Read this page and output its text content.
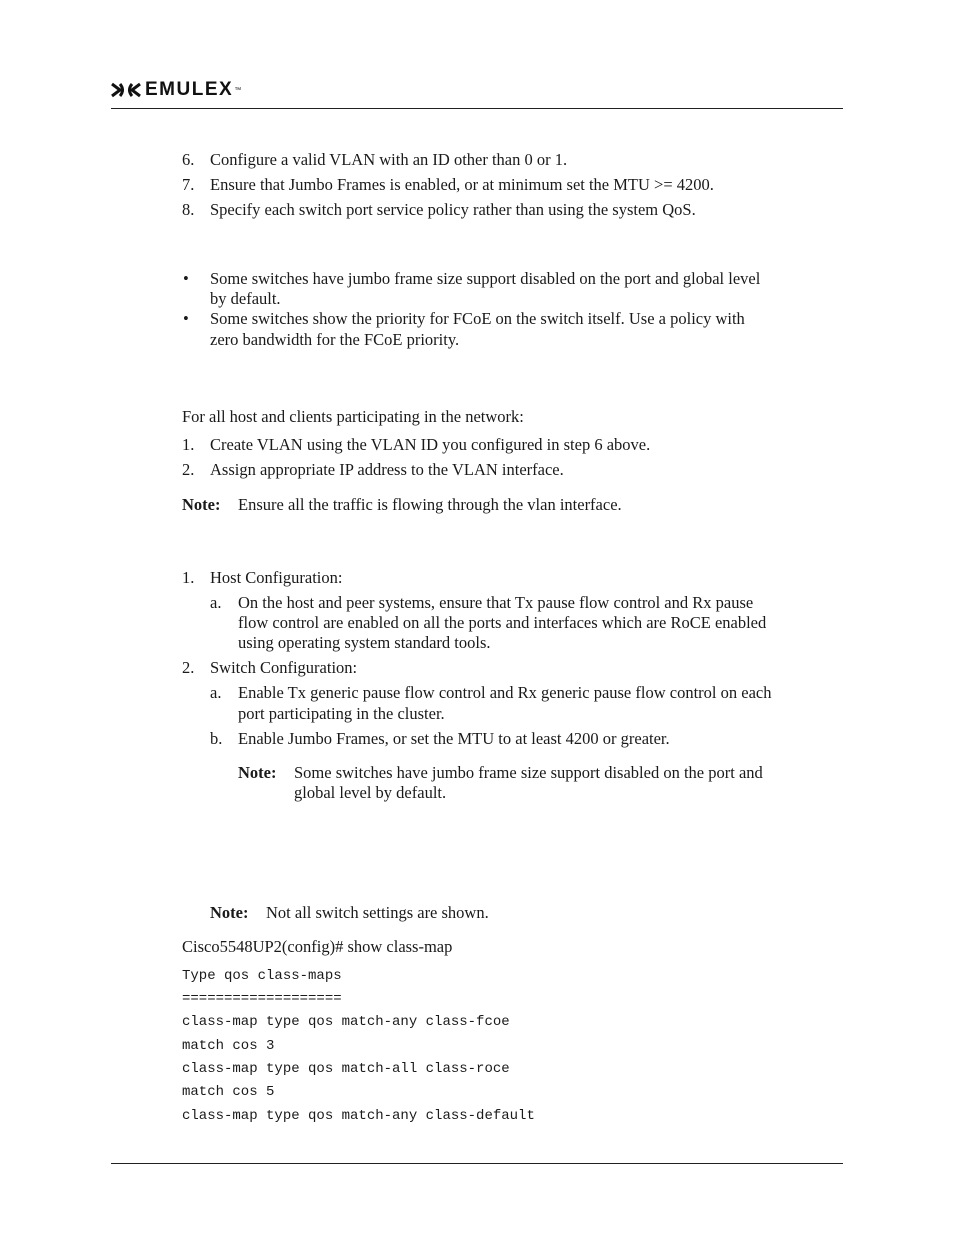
EMULEX ™
6. Configure a valid VLAN with an ID other than 0 or 1.
7. Ensure that Jumbo Frames is enabled, or at minimum set the MTU >= 4200.
8. Specify each switch port service policy rather than using the system QoS.
• Some switches have jumbo frame size support disabled on the port and global level
by default.
• Some switches show the priority for FCoE on the switch itself. Use a policy with
zero bandwidth for the FCoE priority.

For all host and clients participating in the network:

1. Create VLAN using the VLAN ID you configured in step 6 above.
2. Assign appropriate IP address to the VLAN interface.
Note: Ensure all the traffic is flowing through the vlan interface.
1. Host Configuration:
a. On the host and peer systems, ensure that Tx pause flow control and Rx pause
flow control are enabled on all the ports and interfaces which are RoCE enabled
using operating system standard tools.
2. Switch Configuration:
a. Enable Tx generic pause flow control and Rx generic pause flow control on each
port participating in the cluster.
b. Enable Jumbo Frames, or set the MTU to at least 4200 or greater.
Note: Some switches have jumbo frame size support disabled on the port and

global level by default.

Note: Not all switch settings are shown.

Cisco5548UP2(config)# show class-map

Type qos class-maps

===================

class-map type qos match-any class-fcoe

match cos 3

class-map type qos match-all class-roce

match cos 5

class-map type qos match-any class-default
